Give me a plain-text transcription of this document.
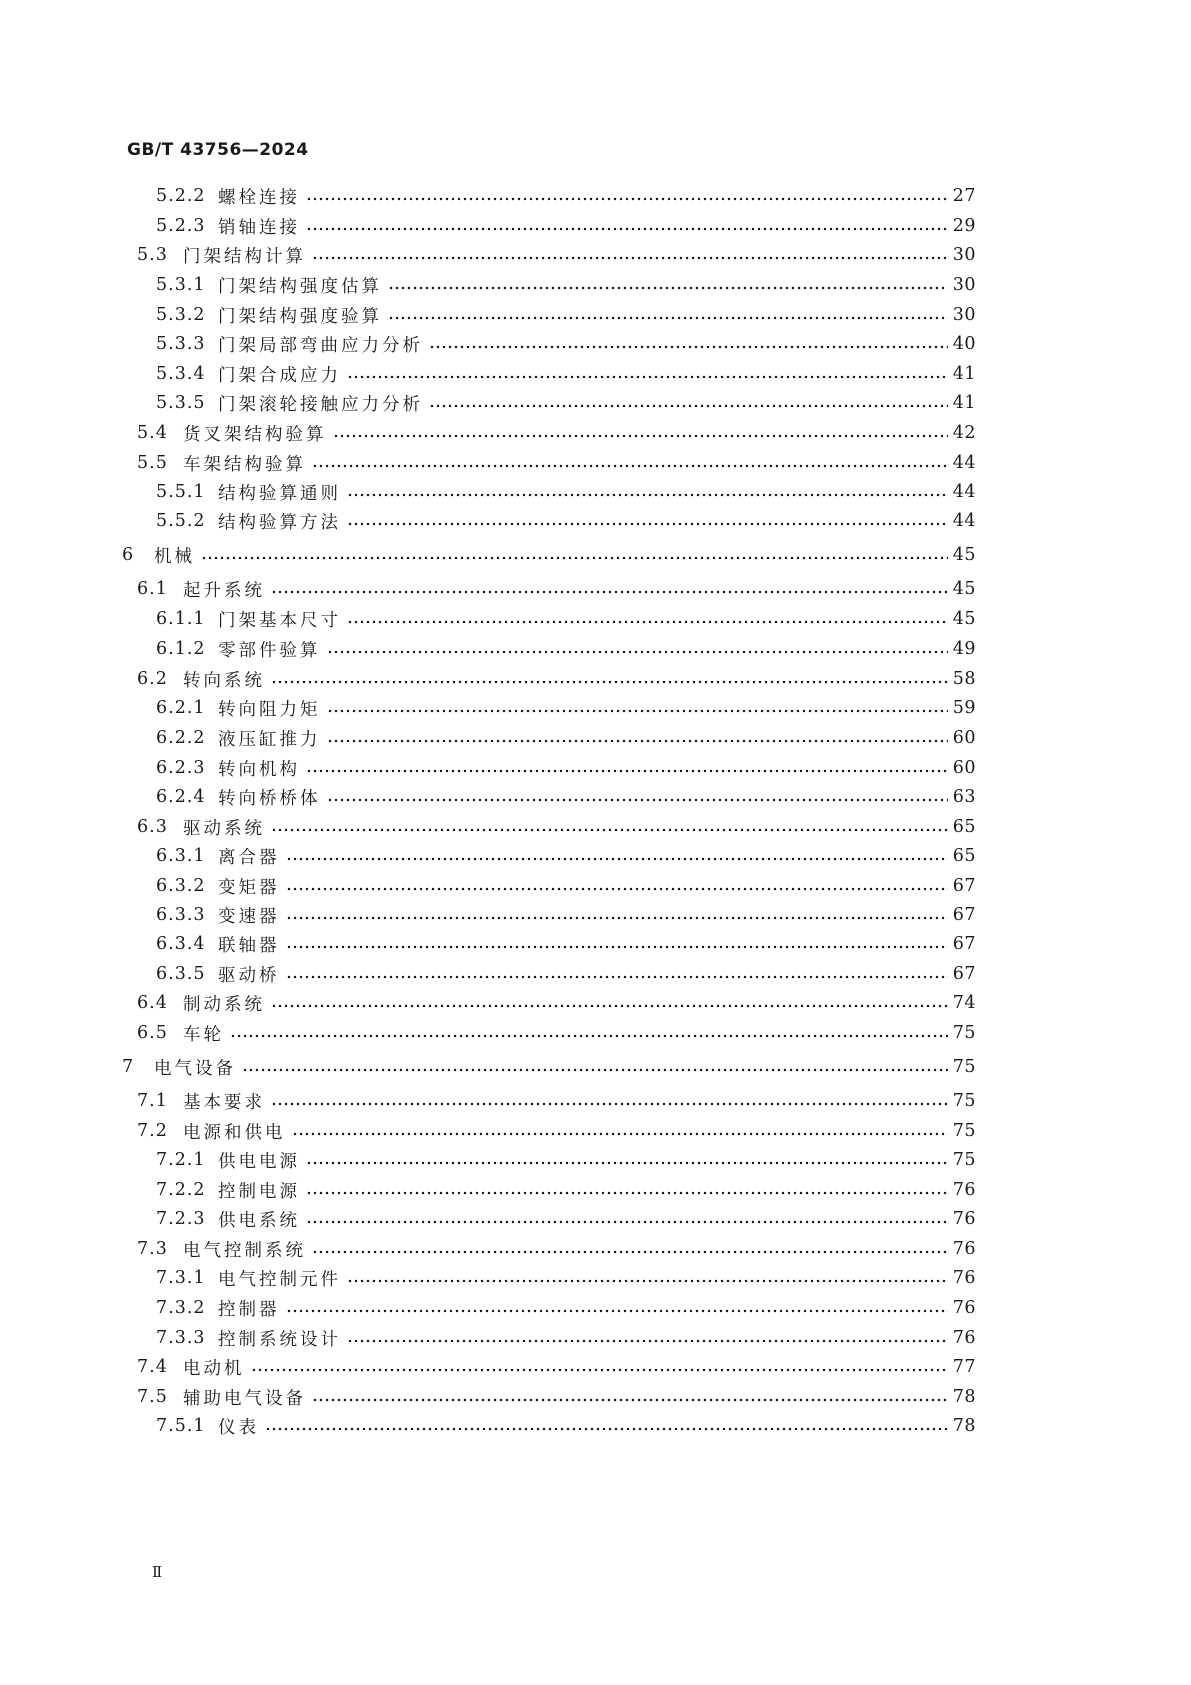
GB/T 43756—2024
5.2.2 螺栓连接	27
5.2.3 销轴连接	29
5.3 门架结构计算	30
5.3.1 门架结构强度估算	30
5.3.2 门架结构强度验算	30
5.3.3 门架局部弯曲应力分析	40
5.3.4 门架合成应力	41
5.3.5 门架滚轮接触应力分析	41
5.4 货叉架结构验算	42
5.5 车架结构验算	44
5.5.1 结构验算通则	44
5.5.2 结构验算方法	44
6	机械	45
6.1 起升系统	45
6.1.1 门架基本尺寸	45
6.1.2 零部件验算	49
6.2 转向系统	58
6.2.1 转向阻力矩	59
6.2.2 液压缸推力	60
6.2.3 转向机构	60
6.2.4 转向桥桥体	63
6.3 驱动系统	65
6.3.1 离合器	65
6.3.2 变矩器	67
6.3.3 变速器	67
6.3.4 联轴器	67
6.3.5 驱动桥	67
6.4 制动系统	74
6.5 车轮	75
7	电气设备	75
7.1 基本要求	75
7.2 电源和供电	75
7.2.1 供电电源	75
7.2.2 控制电源	76
7.2.3 供电系统	76
7.3 电气控制系统	76
7.3.1 电气控制元件	76
7.3.2 控制器	76
7.3.3 控制系统设计	76
7.4 电动机	77
7.5 辅助电气设备	78
7.5.1 仪表	78
Ⅱ
